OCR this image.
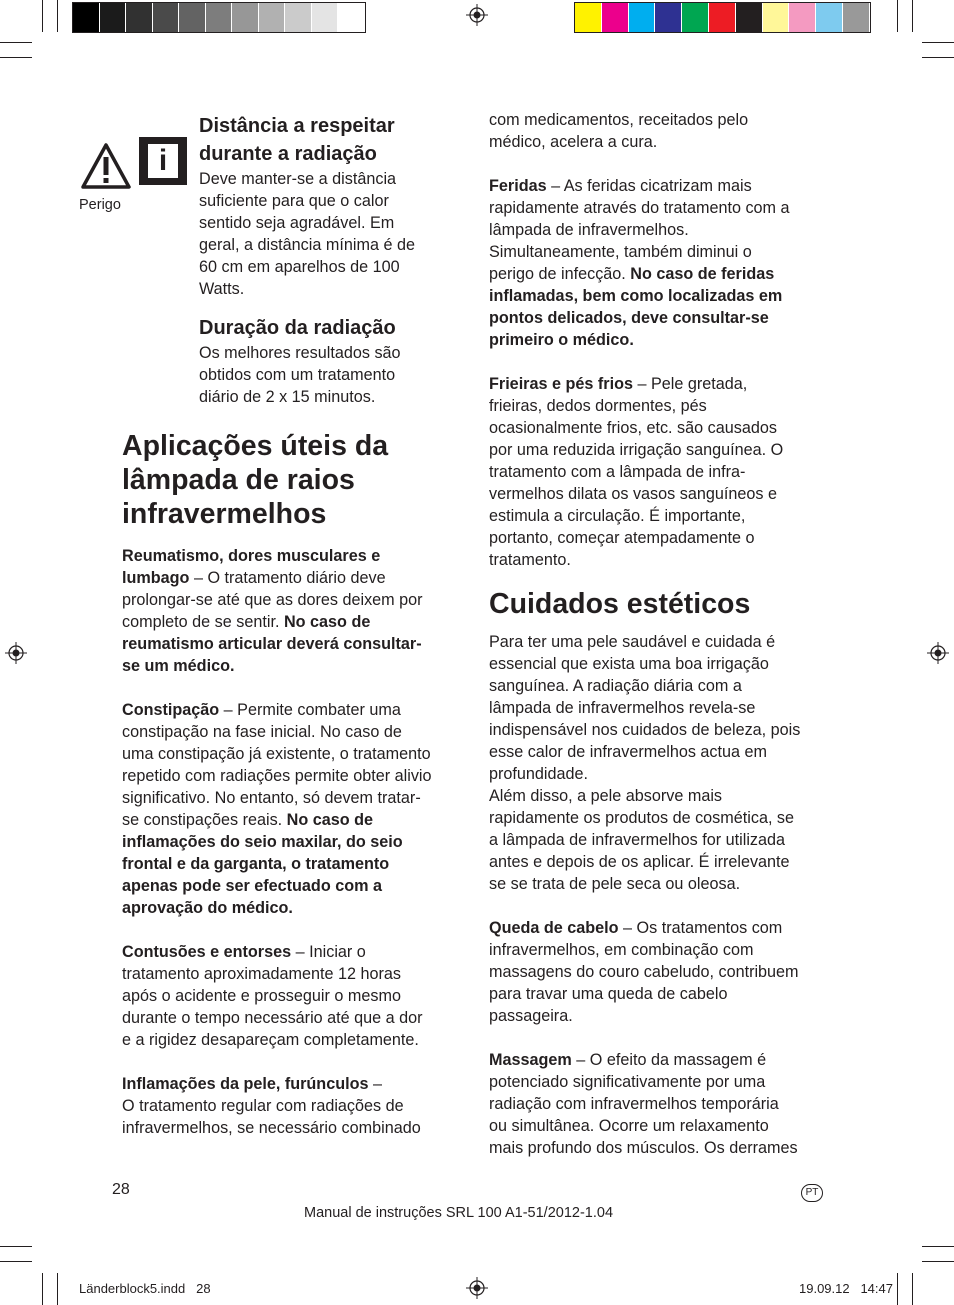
Perigo
i

Distância a respeitar

durante a radiação

Deve manter-se a distância

suficiente para que o calor

sentido seja agradável. Em

geral, a distância mínima é de

60 cm em aparelhos de 100

Watts.

Duração da radiação

Os melhores resultados são

obtidos com um tratamento

diário de 2 x 15 minutos.

Aplicações úteis da

lâmpada de raios

infravermelhos

Reumatismo, dores musculares e

lumbago – O tratamento diário deve

prolongar-se até que as dores deixem por

completo de se sentir. No caso de

reumatismo articular deverá consultar-

se um médico.

Constipação – Permite combater uma

constipação na fase inicial. No caso de

uma constipação já existente, o tratamento

repetido com radiações permite obter alivio

significativo. No entanto, só devem tratar-

se constipações reais. No caso de

inflamações do seio maxilar, do seio

frontal e da garganta, o tratamento

apenas pode ser efectuado com a

aprovação do médico.

Contusões e entorses – Iniciar o

tratamento aproximadamente 12 horas

após o acidente e prosseguir o mesmo

durante o tempo necessário até que a dor

e a rigidez desapareçam completamente.

Inflamações da pele, furúnculos –

O tratamento regular com radiações de

infravermelhos, se necessário combinado

com medicamentos, receitados pelo

médico, acelera a cura.

Feridas – As feridas cicatrizam mais

rapidamente através do tratamento com a

lâmpada de infravermelhos.

Simultaneamente, também diminui o

perigo de infecção. No caso de feridas

inflamadas, bem como localizadas em

pontos delicados, deve consultar-se

primeiro o médico.

Frieiras e pés frios – Pele gretada,

frieiras, dedos dormentes, pés

ocasionalmente frios, etc. são causados

por uma reduzida irrigação sanguínea. O

tratamento com a lâmpada de infra-

vermelhos dilata os vasos sanguíneos e

estimula a circulação. É importante,

portanto, começar atempadamente o

tratamento.

Cuidados estéticos

Para ter uma pele saudável e cuidada é

essencial que exista uma boa irrigação

sanguínea. A radiação diária com a

lâmpada de infravermelhos revela-se

indispensável nos cuidados de beleza, pois

esse calor de infravermelhos actua em

profundidade.

Além disso, a pele absorve mais

rapidamente os produtos de cosmética, se

a lâmpada de infravermelhos for utilizada

antes e depois de os aplicar. É irrelevante

se se trata de pele seca ou oleosa.

Queda de cabelo – Os tratamentos com

infravermelhos, em combinação com

massagens do couro cabeludo, contribuem

para travar uma queda de cabelo

passageira.

Massagem – O efeito da massagem é

potenciado significativamente por uma

radiação com infravermelhos temporária

ou simultânea. Ocorre um relaxamento

mais profundo dos músculos. Os derrames

28	PT
Manual de instruções SRL 100 A1-51/2012-1.04
Länderblock5.indd   28	19.09.12   14:47
